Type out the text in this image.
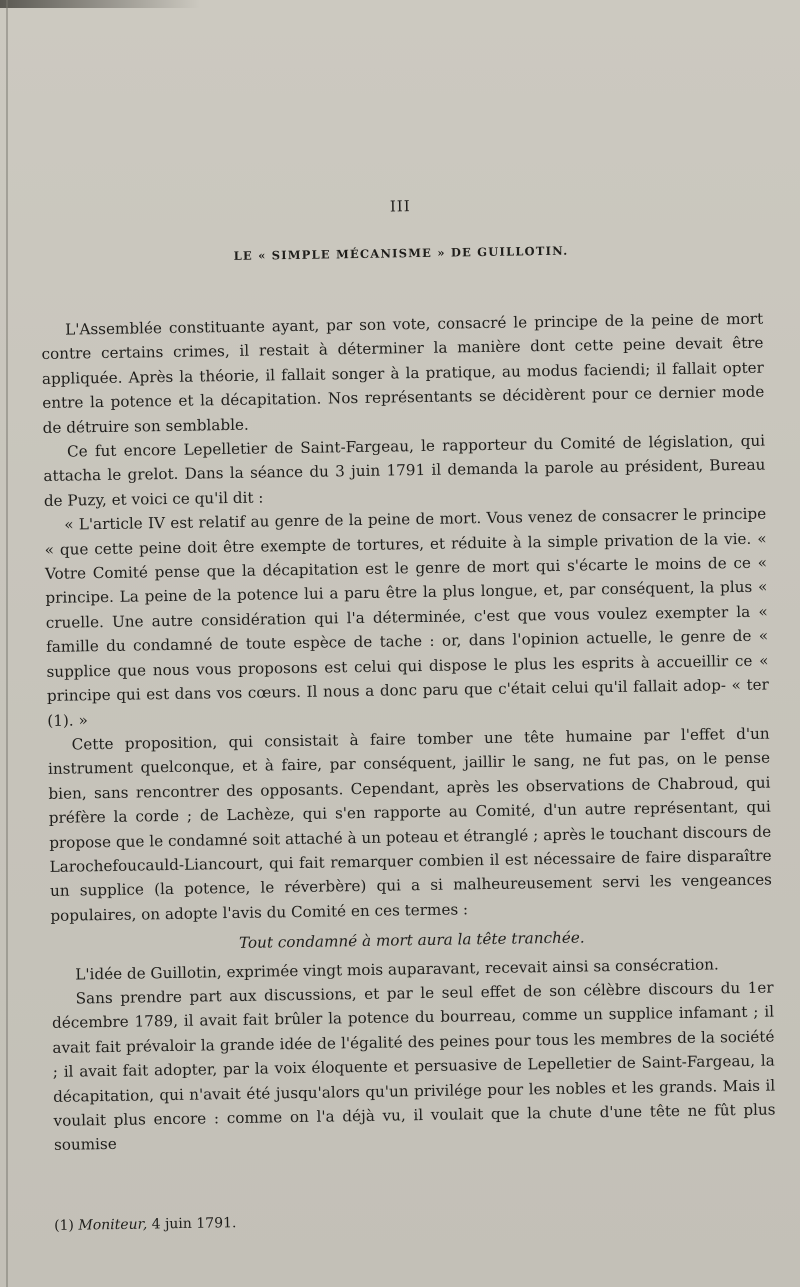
III
LE « SIMPLE MÉCANISME » DE GUILLOTIN.

L'Assemblée constituante ayant, par son vote, consacré le principe de la peine de mort contre certains crimes, il restait à déterminer la manière dont cette peine devait être appliquée. Après la théorie, il fallait songer à la pratique, au modus faciendi; il fallait opter entre la potence et la décapitation. Nos représentants se décidèrent pour ce dernier mode de détruire son semblable.

Ce fut encore Lepelletier de Saint-Fargeau, le rapporteur du Comité de législation, qui attacha le grelot. Dans la séance du 3 juin 1791 il demanda la parole au président, Bureau de Puzy, et voici ce qu'il dit :

« L'article IV est relatif au genre de la peine de mort. Vous venez de consacrer le principe « que cette peine doit être exempte de tortures, et réduite à la simple privation de la vie. « Votre Comité pense que la décapitation est le genre de mort qui s'écarte le moins de ce « principe. La peine de la potence lui a paru être la plus longue, et, par conséquent, la plus « cruelle. Une autre considération qui l'a déterminée, c'est que vous voulez exempter la « famille du condamné de toute espèce de tache : or, dans l'opinion actuelle, le genre de « supplice que nous vous proposons est celui qui dispose le plus les esprits à accueillir ce « principe qui est dans vos cœurs. Il nous a donc paru que c'était celui qu'il fallait adop- « ter (1). »

Cette proposition, qui consistait à faire tomber une tête humaine par l'effet d'un instrument quelconque, et à faire, par conséquent, jaillir le sang, ne fut pas, on le pense bien, sans rencontrer des opposants. Cependant, après les observations de Chabroud, qui préfère la corde ; de Lachèze, qui s'en rapporte au Comité, d'un autre représentant, qui propose que le condamné soit attaché à un poteau et étranglé ; après le touchant discours de Larochefoucauld-Liancourt, qui fait remarquer combien il est nécessaire de faire disparaître un supplice (la potence, le réverbère) qui a si malheureusement servi les vengeances populaires, on adopte l'avis du Comité en ces termes :

Tout condamné à mort aura la tête tranchée.

L'idée de Guillotin, exprimée vingt mois auparavant, recevait ainsi sa consécration.

Sans prendre part aux discussions, et par le seul effet de son célèbre discours du 1er décembre 1789, il avait fait brûler la potence du bourreau, comme un supplice infamant ; il avait fait prévaloir la grande idée de l'égalité des peines pour tous les membres de la société ; il avait fait adopter, par la voix éloquente et persuasive de Lepelletier de Saint-Fargeau, la décapitation, qui n'avait été jusqu'alors qu'un privilége pour les nobles et les grands. Mais il voulait plus encore : comme on l'a déjà vu, il voulait que la chute d'une tête ne fût plus soumise

(1) Moniteur, 4 juin 1791.
